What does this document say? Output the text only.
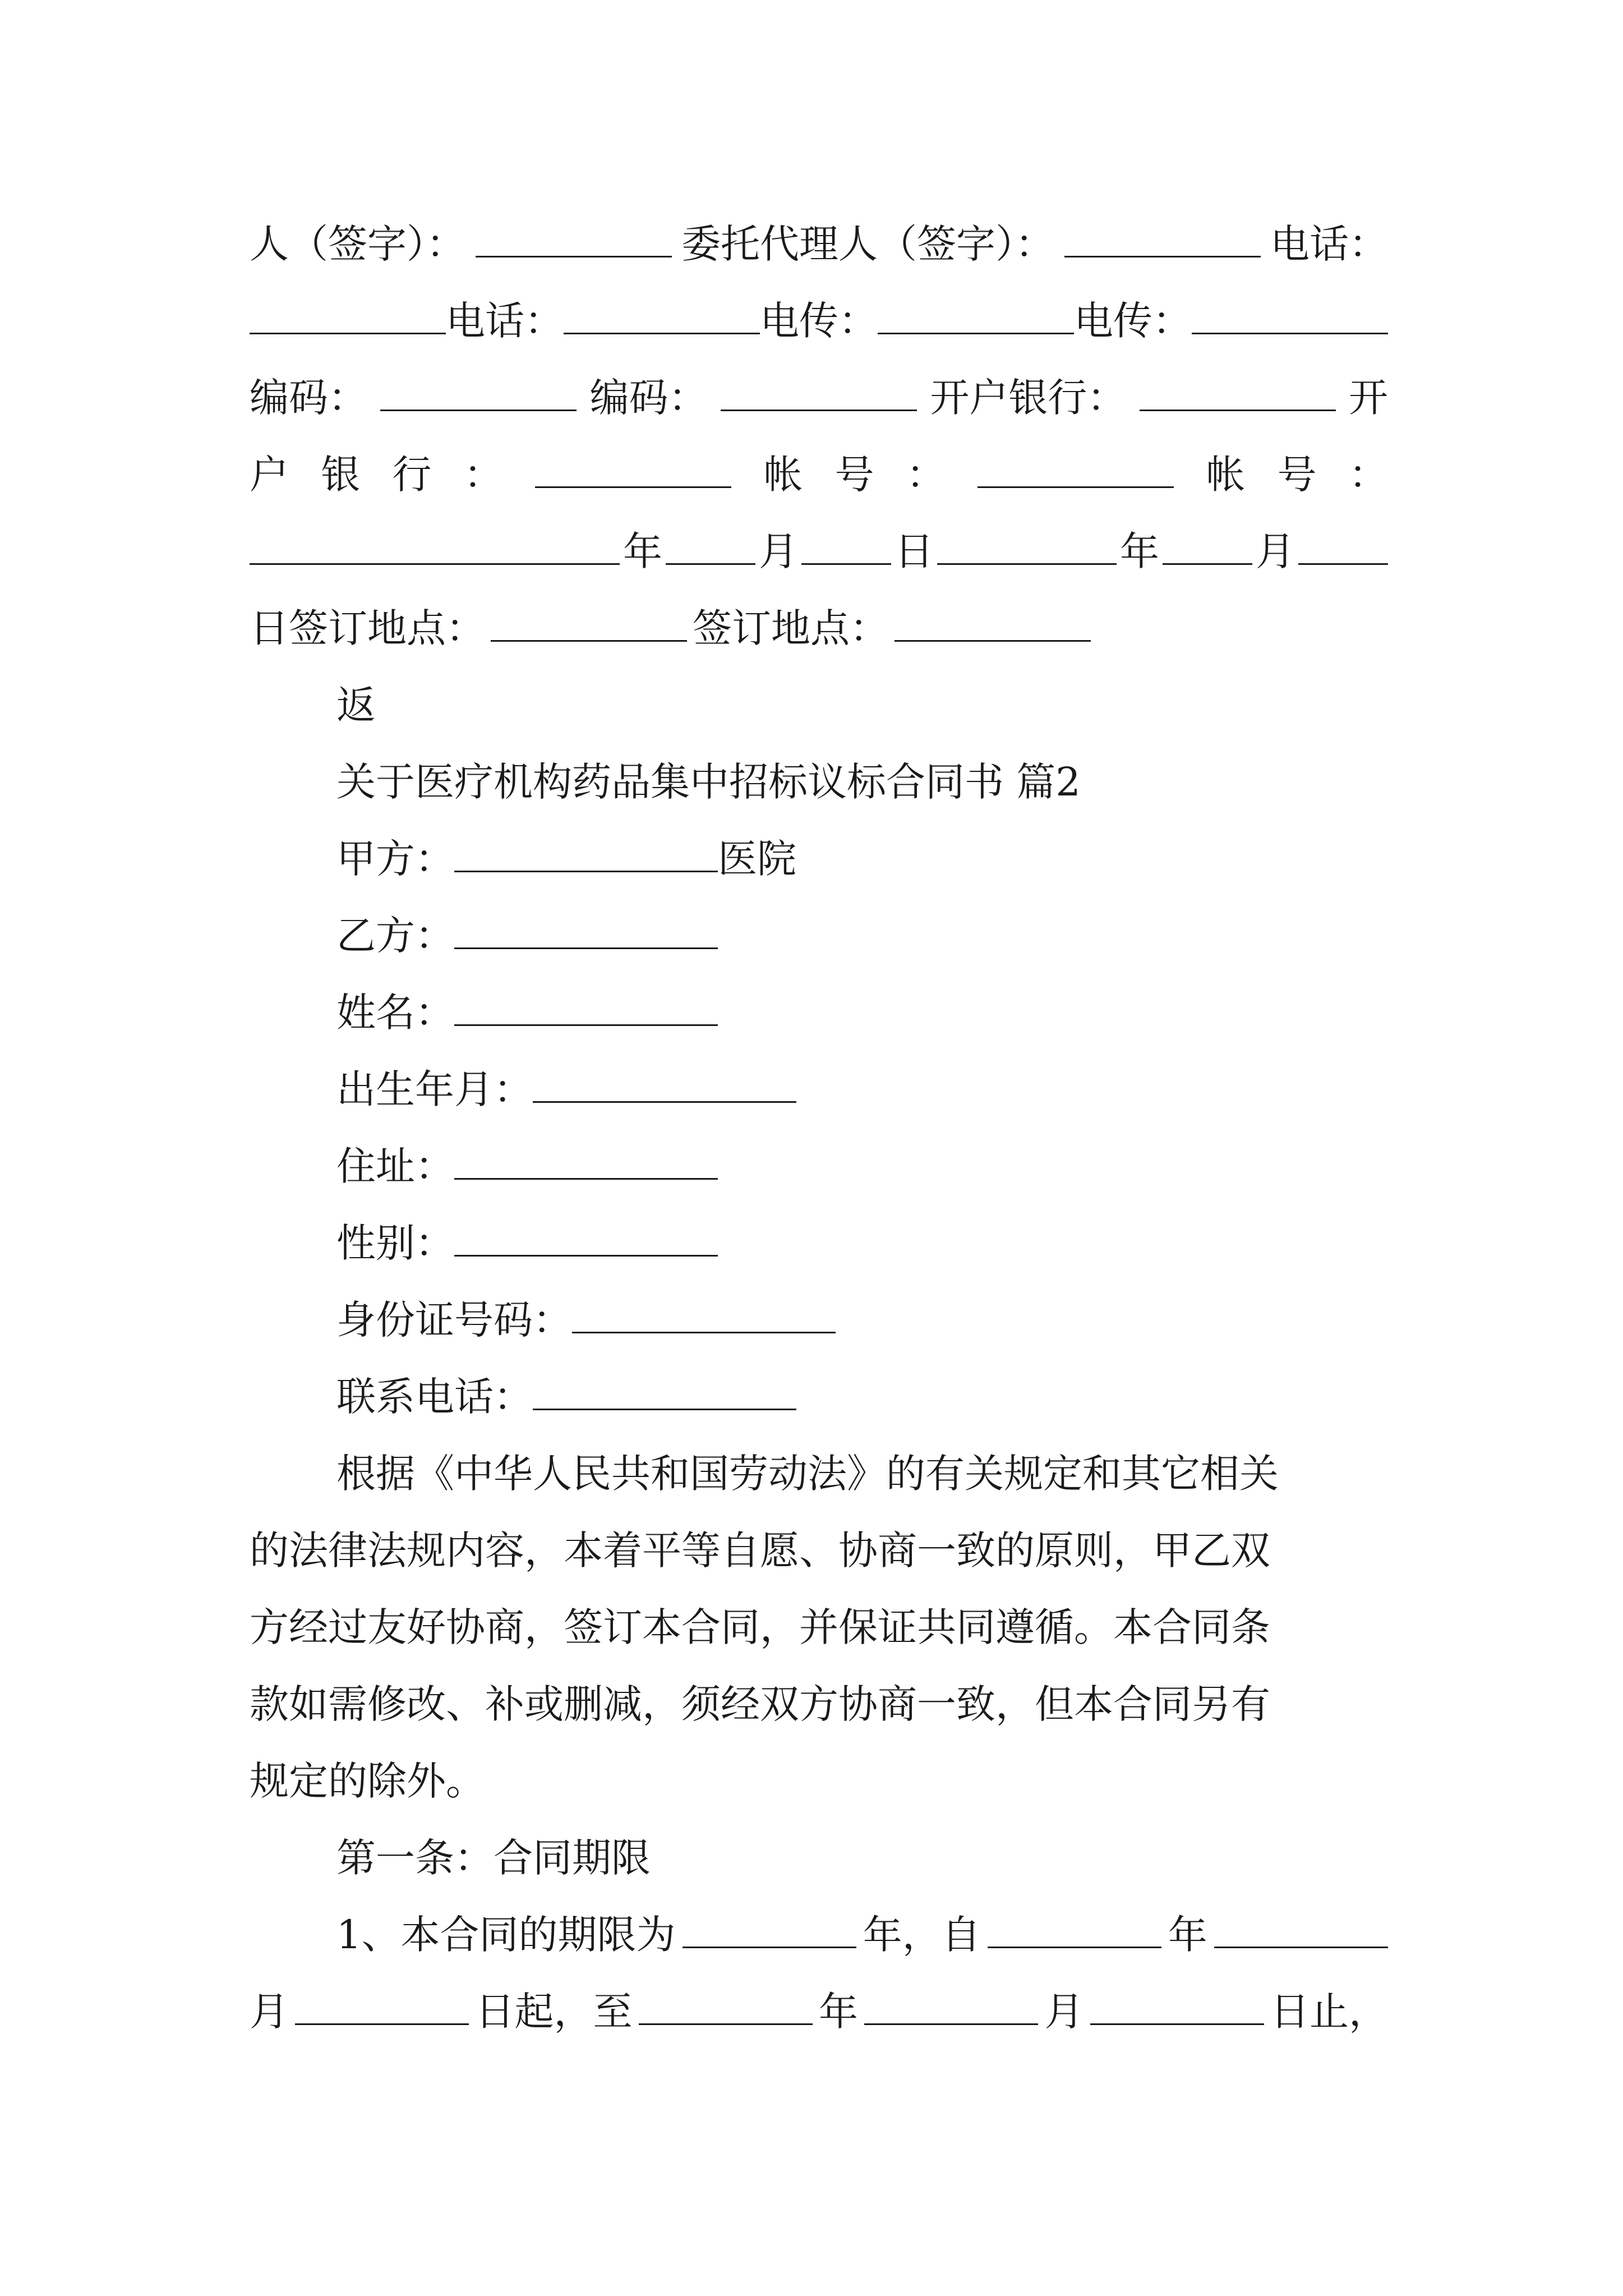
人（签字）：	委托代理人（签字）：	电话：
电话：	电传：	电传：
编码：	编码：	开户银行：	开
户 银 行 ：	帐 号 ：	帐 号 ：
年 月 日	年 月
日签订地点：	签订地点：
返
关于医疗机构药品集中招标议标合同书 篇2
甲方：	医院
乙方：
姓名：
出生年月：
住址：
性别：
身份证号码：
联系电话：
根据《中华人民共和国劳动法》的有关规定和其它相关
的法律法规内容，本着平等自愿、协商一致的原则，甲乙双
方经过友好协商，签订本合同，并保证共同遵循。本合同条
款如需修改、补或删减，须经双方协商一致，但本合同另有
规定的除外。
第一条：合同期限
1、本合同的期限为	年，自	年
月	日起，至	年	月	日止，
